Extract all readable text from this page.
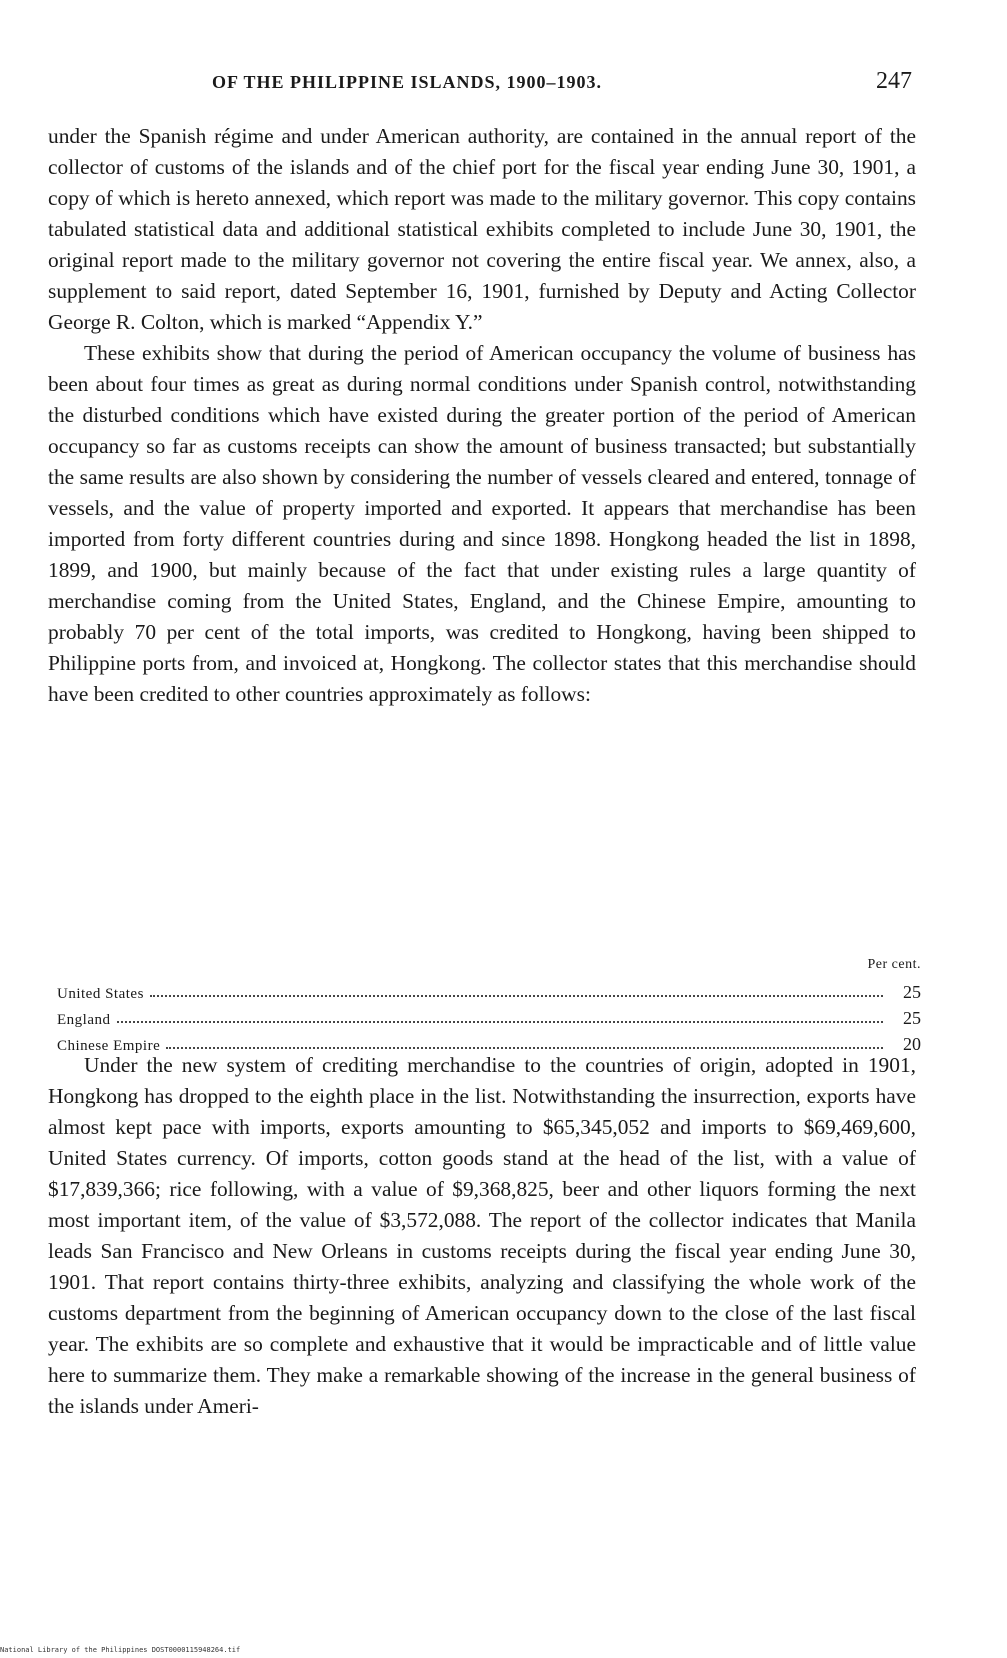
OF THE PHILIPPINE ISLANDS, 1900–1903.	247

under the Spanish régime and under American authority, are contained in the annual report of the collector of customs of the islands and of the chief port for the fiscal year ending June 30, 1901, a copy of which is hereto annexed, which report was made to the military governor. This copy contains tabulated statistical data and additional statistical exhibits completed to include June 30, 1901, the original report made to the military governor not covering the entire fiscal year. We annex, also, a supplement to said report, dated September 16, 1901, furnished by Deputy and Acting Collector George R. Colton, which is marked “Appendix Y.”

These exhibits show that during the period of American occupancy the volume of business has been about four times as great as during normal conditions under Spanish control, notwithstanding the disturbed conditions which have existed during the greater portion of the period of American occupancy so far as customs receipts can show the amount of business transacted; but substantially the same results are also shown by considering the number of vessels cleared and entered, tonnage of vessels, and the value of property imported and exported. It appears that merchandise has been imported from forty different countries during and since 1898. Hongkong headed the list in 1898, 1899, and 1900, but mainly because of the fact that under existing rules a large quantity of merchandise coming from the United States, England, and the Chinese Empire, amounting to probably 70 per cent of the total imports, was credited to Hongkong, having been shipped to Philippine ports from, and invoiced at, Hongkong. The collector states that this merchandise should have been credited to other countries approximately as follows:

Per cent.
United States	25
England	25
Chinese Empire	20

Under the new system of crediting merchandise to the countries of origin, adopted in 1901, Hongkong has dropped to the eighth place in the list. Notwithstanding the insurrection, exports have almost kept pace with imports, exports amounting to $65,345,052 and imports to $69,469,600, United States currency. Of imports, cotton goods stand at the head of the list, with a value of $17,839,366; rice following, with a value of $9,368,825, beer and other liquors forming the next most important item, of the value of $3,572,088. The report of the collector indicates that Manila leads San Francisco and New Orleans in customs receipts during the fiscal year ending June 30, 1901. That report contains thirty-three exhibits, analyzing and classifying the whole work of the customs department from the beginning of American occupancy down to the close of the last fiscal year. The exhibits are so complete and exhaustive that it would be impracticable and of little value here to summarize them. They make a remarkable showing of the increase in the general business of the islands under Ameri-

National Library of the Philippines DOST0000115948264.tif
